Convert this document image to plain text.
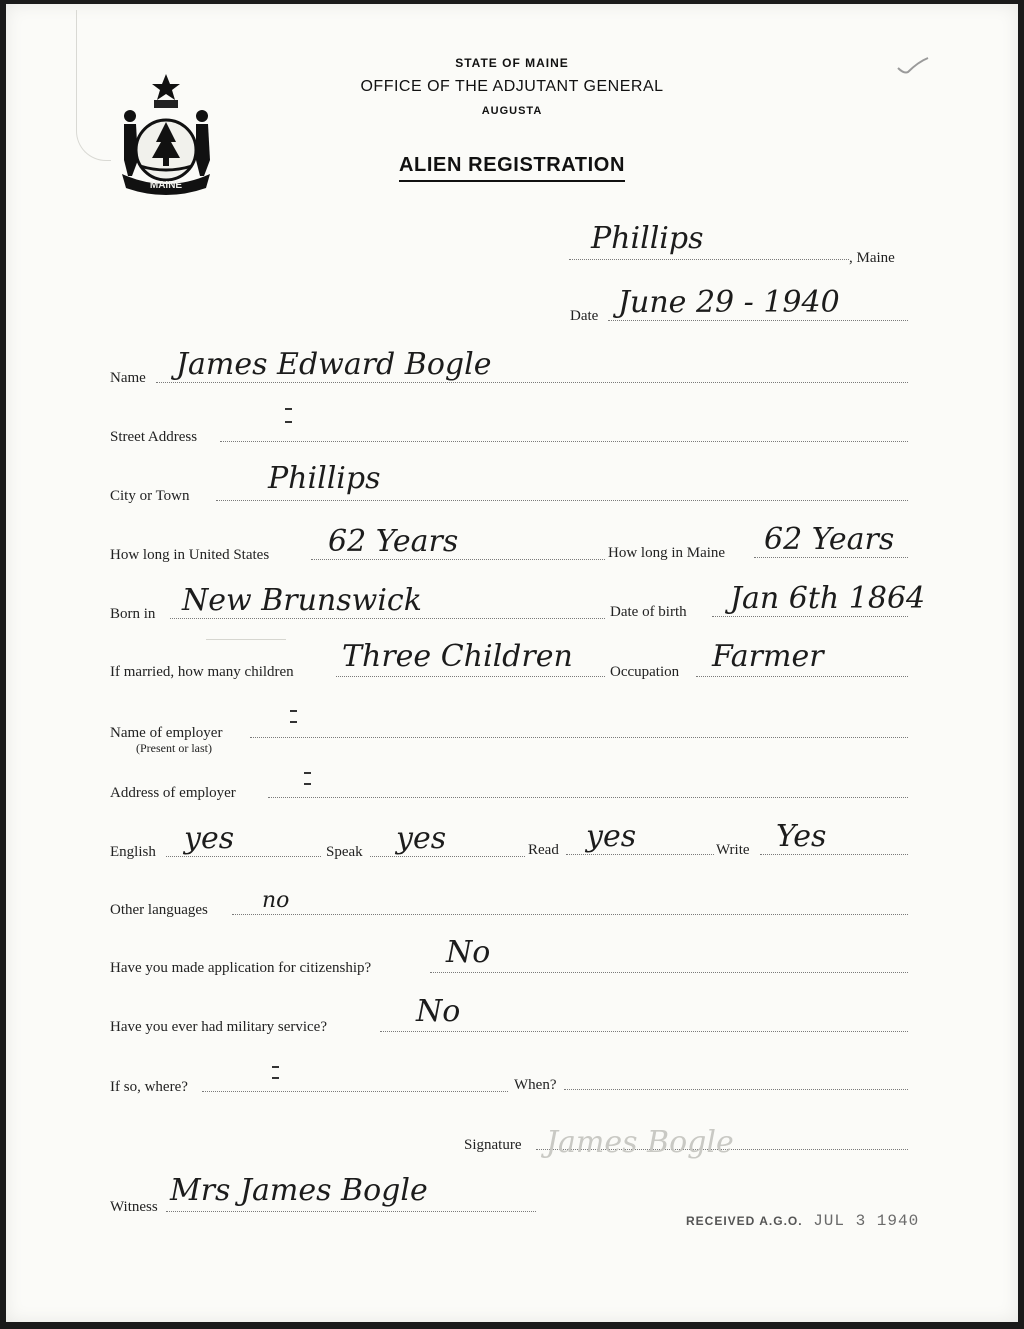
MAINE
STATE OF MAINE
OFFICE OF THE ADJUTANT GENERAL
AUGUSTA
ALIEN REGISTRATION
Phillips
, Maine
Date June 29 - 1940
Name James Edward Bogle
Street Address
City or Town	Phillips
How long in United States 62 Years	How long in Maine 62 Years
Born in New Brunswick	Date of birth Jan 6th 1864
If married, how many children Three Children Occupation Farmer
Name of employer
(Present or last)
Address of employer
English yes	Speak yes	Read yes	Write Yes
Other languages no
Have you made application for citizenship? No
Have you ever had military service?	No
If so, where?	When?
Signature James Bogle
Witness Mrs James Bogle
RECEIVED A.G.O. JUL 3 1940
